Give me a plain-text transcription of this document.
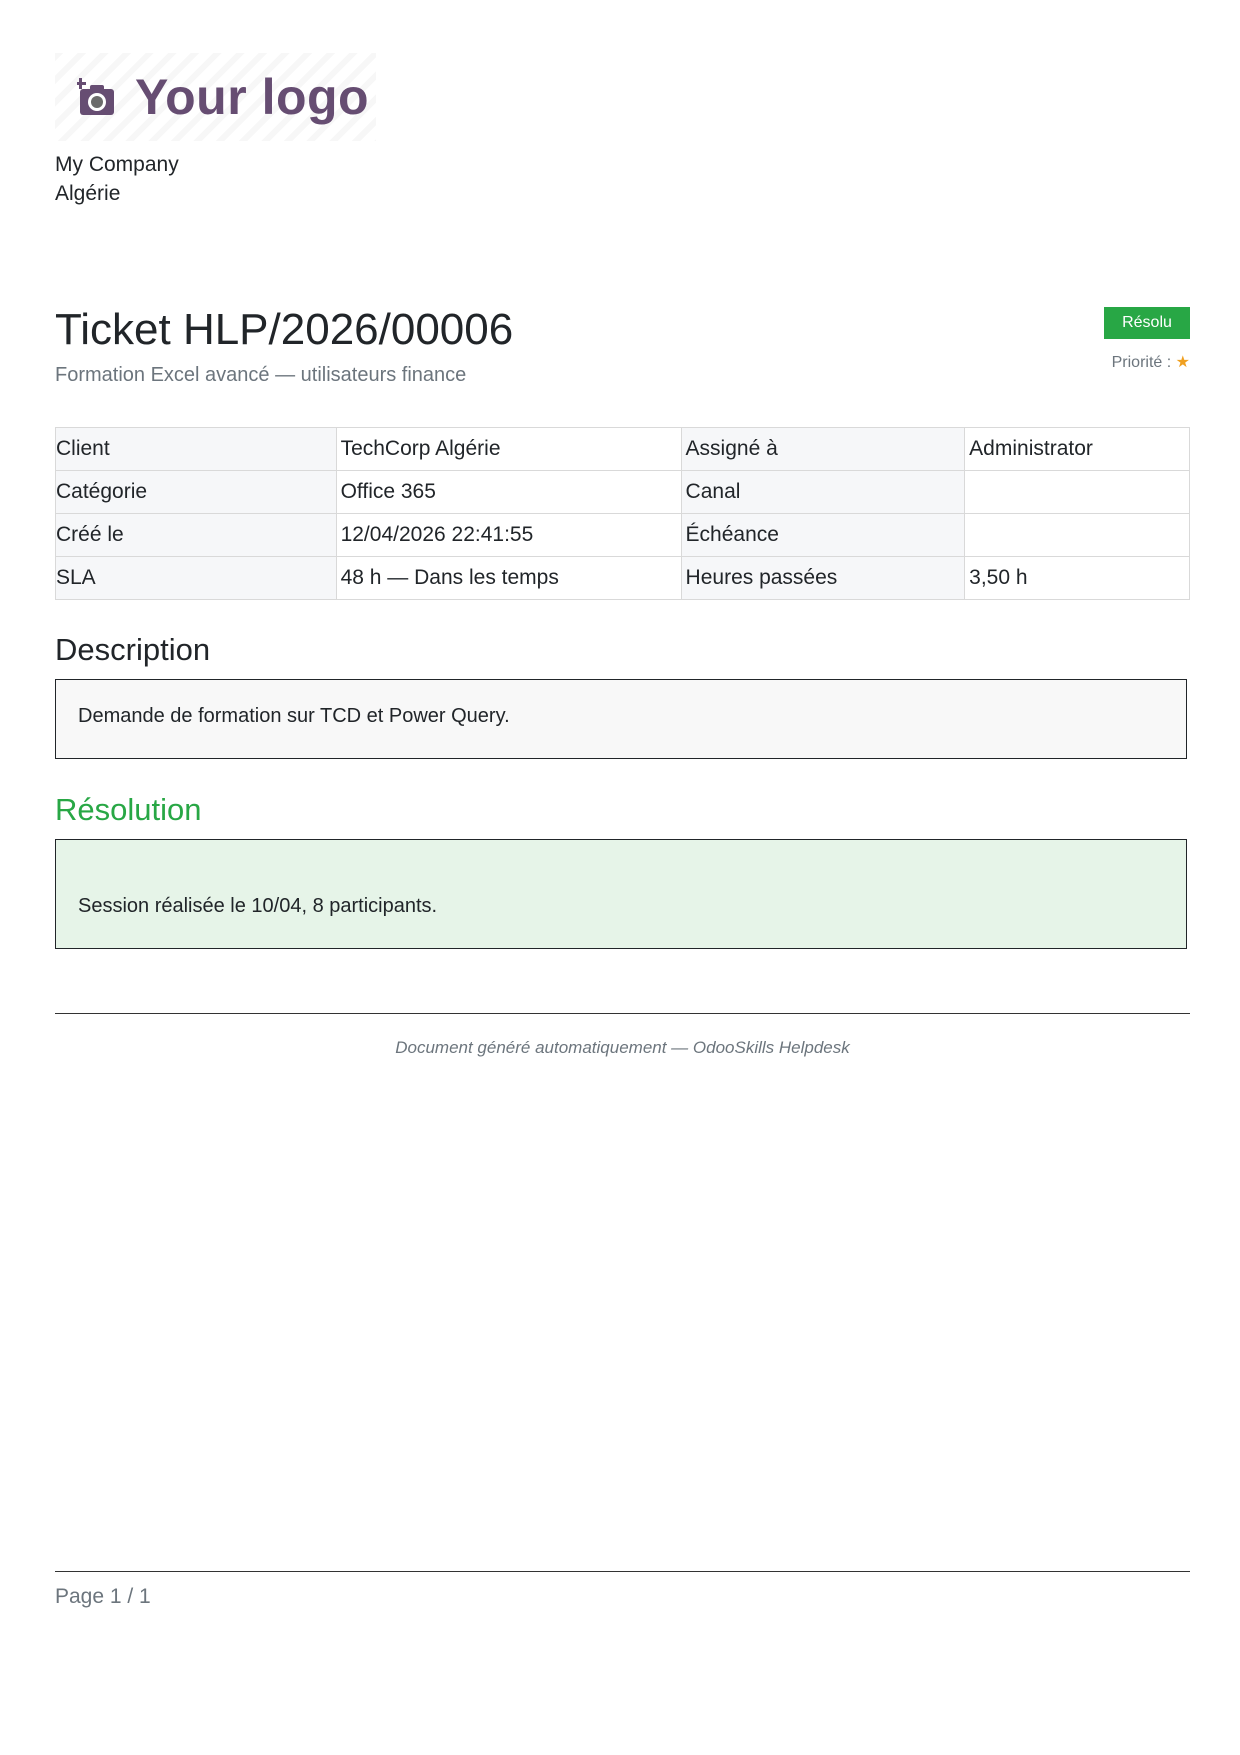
Your logo
My Company
Algérie
Ticket HLP/2026/00006
Formation Excel avancé — utilisateurs finance
Résolu
Priorité : ★
Client	TechCorp Algérie	Assigné à	Administrator
Catégorie	Office 365	Canal	
Créé le	12/04/2026 22:41:55	Échéance	
SLA	48 h — Dans les temps	Heures passées	3,50 h
Description
Demande de formation sur TCD et Power Query.
Résolution
Session réalisée le 10/04, 8 participants.
Document généré automatiquement — OdooSkills Helpdesk
Page 1 / 1
